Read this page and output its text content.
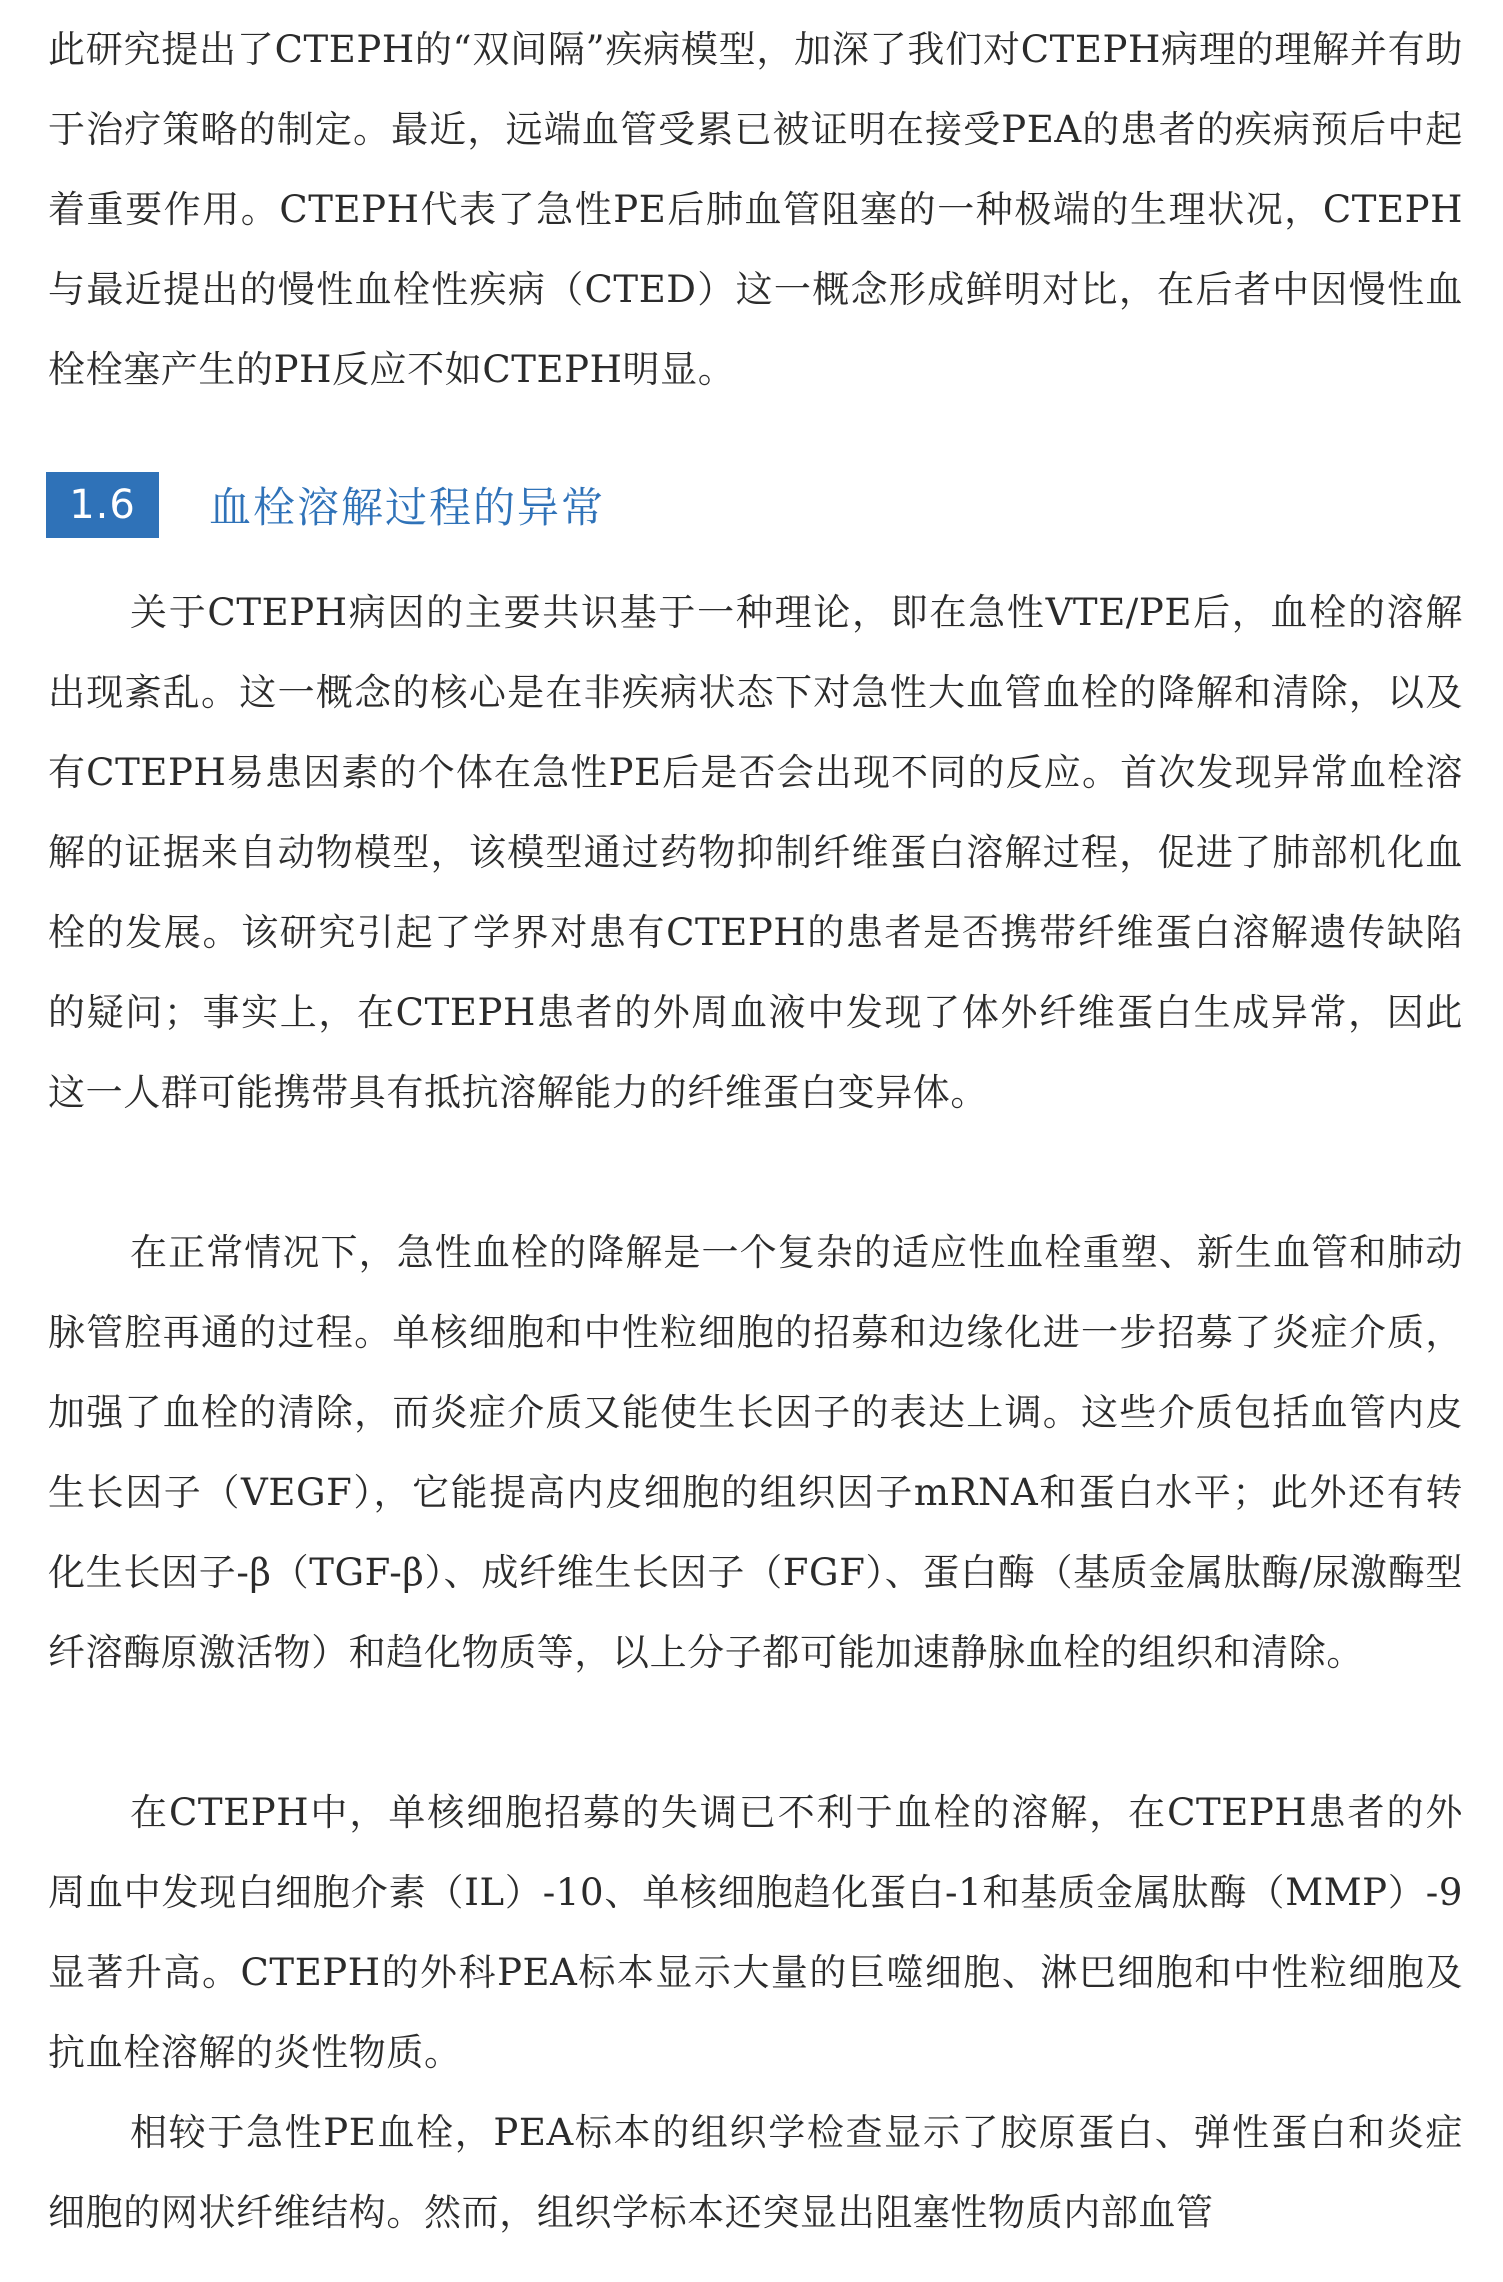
此研究提出了CTEPH的“双间隔”疾病模型，加深了我们对CTEPH病理的理解并有助于治疗策略的制定。最近，远端血管受累已被证明在接受PEA的患者的疾病预后中起着重要作用。CTEPH代表了急性PE后肺血管阻塞的一种极端的生理状况，CTEPH与最近提出的慢性血栓性疾病（CTED）这一概念形成鲜明对比，在后者中因慢性血栓栓塞产生的PH反应不如CTEPH明显。

1.6	血栓溶解过程的异常

关于CTEPH病因的主要共识基于一种理论，即在急性VTE/PE后，血栓的溶解出现紊乱。这一概念的核心是在非疾病状态下对急性大血管血栓的降解和清除，以及有CTEPH易患因素的个体在急性PE后是否会出现不同的反应。首次发现异常血栓溶解的证据来自动物模型，该模型通过药物抑制纤维蛋白溶解过程，促进了肺部机化血栓的发展。该研究引起了学界对患有CTEPH的患者是否携带纤维蛋白溶解遗传缺陷的疑问；事实上，在CTEPH患者的外周血液中发现了体外纤维蛋白生成异常，因此这一人群可能携带具有抵抗溶解能力的纤维蛋白变异体。

在正常情况下，急性血栓的降解是一个复杂的适应性血栓重塑、新生血管和肺动脉管腔再通的过程。单核细胞和中性粒细胞的招募和边缘化进一步招募了炎症介质，加强了血栓的清除，而炎症介质又能使生长因子的表达上调。这些介质包括血管内皮生长因子（VEGF），它能提高内皮细胞的组织因子mRNA和蛋白水平；此外还有转化生长因子-β（TGF-β）、成纤维生长因子（FGF）、蛋白酶（基质金属肽酶/尿激酶型纤溶酶原激活物）和趋化物质等，以上分子都可能加速静脉血栓的组织和清除。

在CTEPH中，单核细胞招募的失调已不利于血栓的溶解，在CTEPH患者的外周血中发现白细胞介素（IL）-10、单核细胞趋化蛋白-1和基质金属肽酶（MMP）-9显著升高。CTEPH的外科PEA标本显示大量的巨噬细胞、淋巴细胞和中性粒细胞及抗血栓溶解的炎性物质。

相较于急性PE血栓，PEA标本的组织学检查显示了胶原蛋白、弹性蛋白和炎症细胞的网状纤维结构。然而，组织学标本还突显出阻塞性物质内部血管
